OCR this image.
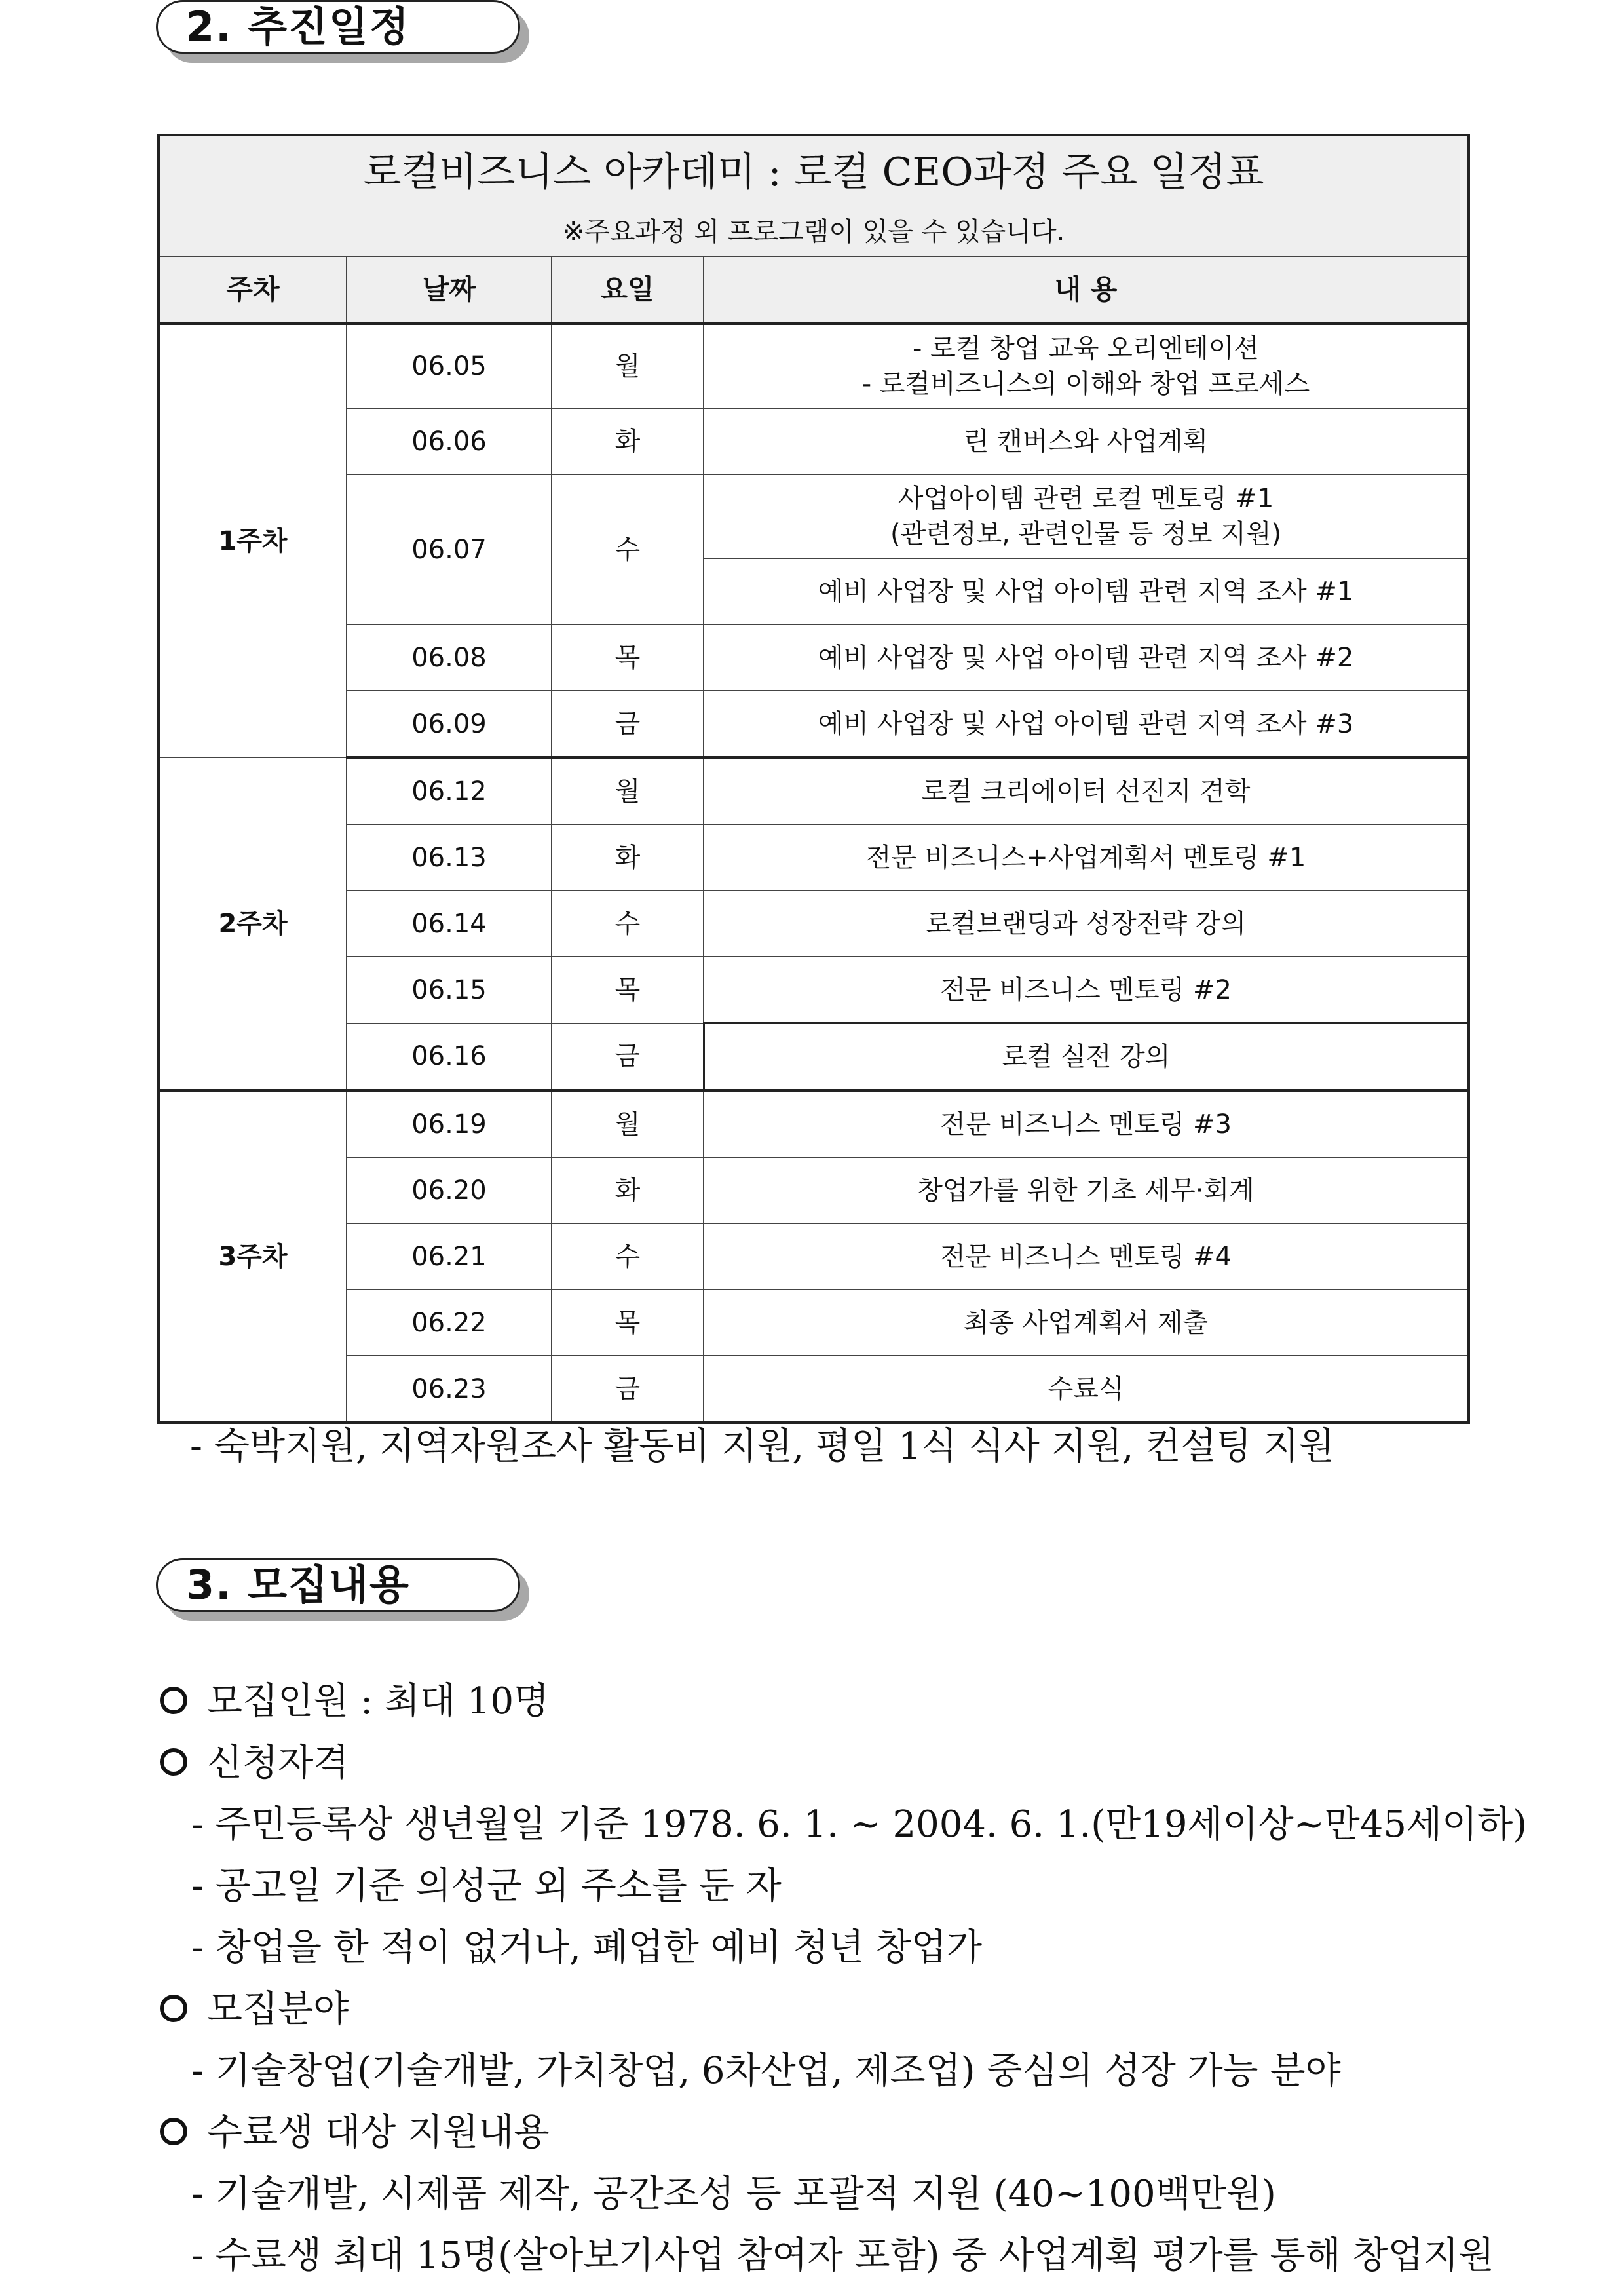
2. 추진일정
로컬비즈니스 아카데미 : 로컬 CEO과정 주요 일정표			
※주요과정 외 프로그램이 있을 수 있습니다.			
주차	날짜	요일	내 용
1주차	06.05	월	- 로컬 창업 교육 오리엔테이션
- 로컬비즈니스의 이해와 창업 프로세스

	06.06	화	린 캔버스와 사업계획
	06.07	수	사업아이템 관련 로컬 멘토링 #1
(관련정보, 관련인물 등 정보 지원)

			예비 사업장 및 사업 아이템 관련 지역 조사 #1
	06.08	목	예비 사업장 및 사업 아이템 관련 지역 조사 #2
	06.09	금	예비 사업장 및 사업 아이템 관련 지역 조사 #3
2주차	06.12	월	로컬 크리에이터 선진지 견학
	06.13	화	전문 비즈니스+사업계획서 멘토링 #1
	06.14	수	로컬브랜딩과 성장전략 강의
	06.15	목	전문 비즈니스 멘토링 #2
	06.16	금	로컬 실전 강의
3주차	06.19	월	전문 비즈니스 멘토링 #3
	06.20	화	창업가를 위한 기초 세무·회계
	06.21	수	전문 비즈니스 멘토링 #4
	06.22	목	최종 사업계획서 제출
	06.23	금	수료식
- 숙박지원, 지역자원조사 활동비 지원, 평일 1식 식사 지원, 컨설팅 지원
3. 모집내용
모집인원 : 최대 10명
신청자격
- 주민등록상 생년월일 기준 1978. 6. 1. ~ 2004. 6. 1.(만19세이상~만45세이하)
- 공고일 기준 의성군 외 주소를 둔 자
- 창업을 한 적이 없거나, 폐업한 예비 청년 창업가
모집분야
- 기술창업(기술개발, 가치창업, 6차산업, 제조업) 중심의 성장 가능 분야
수료생 대상 지원내용
- 기술개발, 시제품 제작, 공간조성 등 포괄적 지원 (40~100백만원)
- 수료생 최대 15명(살아보기사업 참여자 포함) 중 사업계획 평가를 통해 창업지원
